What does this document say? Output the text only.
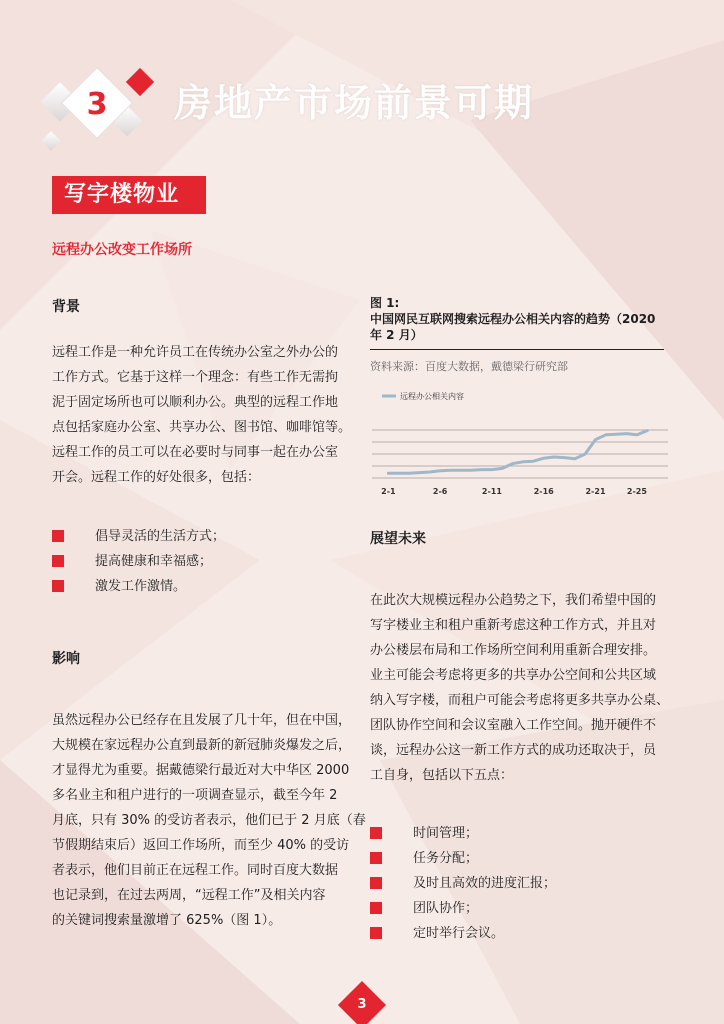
3 房地产市场前景可期
写字楼物业
远程办公改变工作场所
背景
远程工作是一种允许员工在传统办公室之外办公的
工作方式。它基于这样一个理念：有些工作无需拘
泥于固定场所也可以顺利办公。典型的远程工作地
点包括家庭办公室、共享办公、图书馆、咖啡馆等。
远程工作的员工可以在必要时与同事一起在办公室
开会。远程工作的好处很多，包括：
倡导灵活的生活方式；
提高健康和幸福感；
激发工作激情。
影响
虽然远程办公已经存在且发展了几十年，但在中国，
大规模在家远程办公直到最新的新冠肺炎爆发之后，
才显得尤为重要。据戴德梁行最近对大中华区 2000
多名业主和租户进行的一项调查显示，截至今年 2
月底，只有 30% 的受访者表示，他们已于 2 月底（春
节假期结束后）返回工作场所，而至少 40% 的受访
者表示，他们目前正在远程工作。同时百度大数据
也记录到，在过去两周，“远程工作”及相关内容
的关键词搜索量激增了 625%（图 1）。
图 1:
中国网民互联网搜索远程办公相关内容的趋势（2020
年 2 月）
资料来源：百度大数据，戴德梁行研究部
远程办公相关内容
2-1	2-6	2-11	2-16	2-21	2-25
展望未来
在此次大规模远程办公趋势之下，我们希望中国的
写字楼业主和租户重新考虑这种工作方式，并且对
办公楼层布局和工作场所空间利用重新合理安排。
业主可能会考虑将更多的共享办公空间和公共区域
纳入写字楼，而租户可能会考虑将更多共享办公桌、
团队协作空间和会议室融入工作空间。抛开硬件不
谈，远程办公这一新工作方式的成功还取决于，员
工自身，包括以下五点：
时间管理；
任务分配；
及时且高效的进度汇报；
团队协作；
定时举行会议。
3
